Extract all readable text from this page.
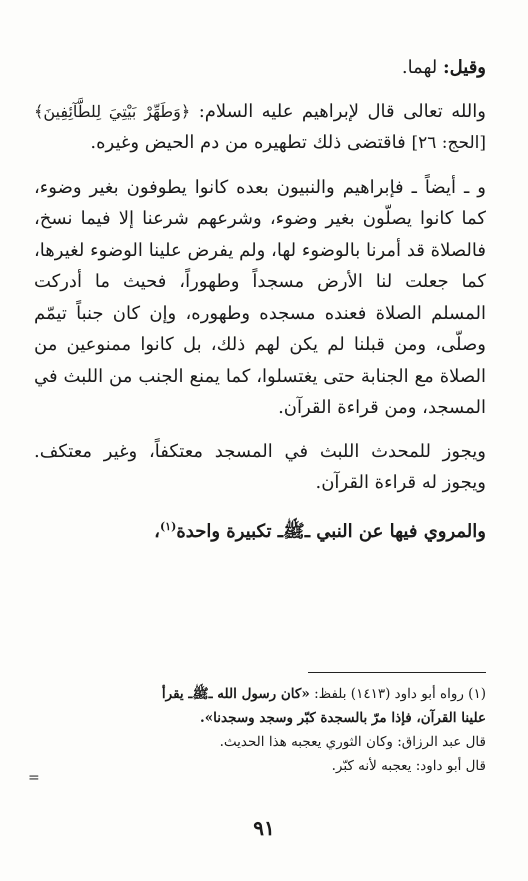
وقيل: لهما.

والله تعالى قال لإبراهيم عليه السلام: ﴿وَطَهِّرْ بَيْتِيَ لِلطَّآئِفِينَ﴾ [الحج: ٢٦] فاقتضى ذلك تطهيره من دم الحيض وغيره.

و ـ أيضاً ـ فإبراهيم والنبيون بعده كانوا يطوفون بغير وضوء، كما كانوا يصلّون بغير وضوء، وشرعهم شرعنا إلا فيما نسخ، فالصلاة قد أمرنا بالوضوء لها، ولم يفرض علينا الوضوء لغيرها، كما جعلت لنا الأرض مسجداً وطهوراً، فحيث ما أدركت المسلم الصلاة فعنده مسجده وطهوره، وإن كان جنباً تيمّم وصلّى، ومن قبلنا لم يكن لهم ذلك، بل كانوا ممنوعين من الصلاة مع الجنابة حتى يغتسلوا، كما يمنع الجنب من اللبث في المسجد، ومن قراءة القرآن.

ويجوز للمحدث اللبث في المسجد معتكفاً، وغير معتكف. ويجوز له قراءة القرآن.

والمروي فيها عن النبي ـﷺـ تكبيرة واحدة$^{(١)}$،

(١) رواه أبو داود (١٤١٣) بلفظ: «كان رسول الله ـﷺـ يقرأ

علينا القرآن، فإذا مرّ بالسجدة كبّر وسجد وسجدنا».

قال عبد الرزاق: وكان الثوري يعجبه هذا الحديث.

قال أبو داود: يعجبه لأنه كبّر.

=
٩١
